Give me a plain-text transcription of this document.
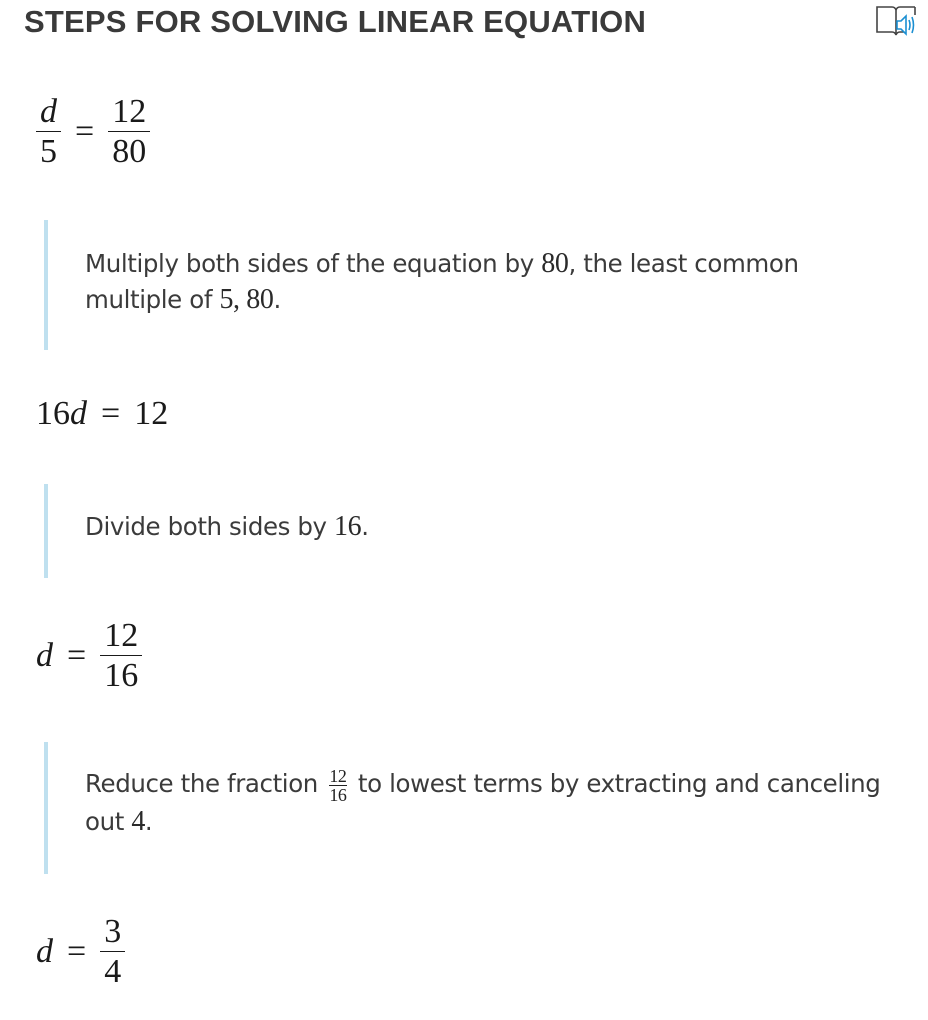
STEPS FOR SOLVING LINEAR EQUATION
$\frac{d}{5} = \frac{12}{80}$

Multiply both sides of the equation by 80, the least common multiple of 5, 80.

16 d = 12

Divide both sides by 16.

$d = \frac{12}{16}$

Reduce the fraction $\frac{12}{16}$ to lowest terms by extracting and canceling out 4.

$d = \frac{3}{4}$
